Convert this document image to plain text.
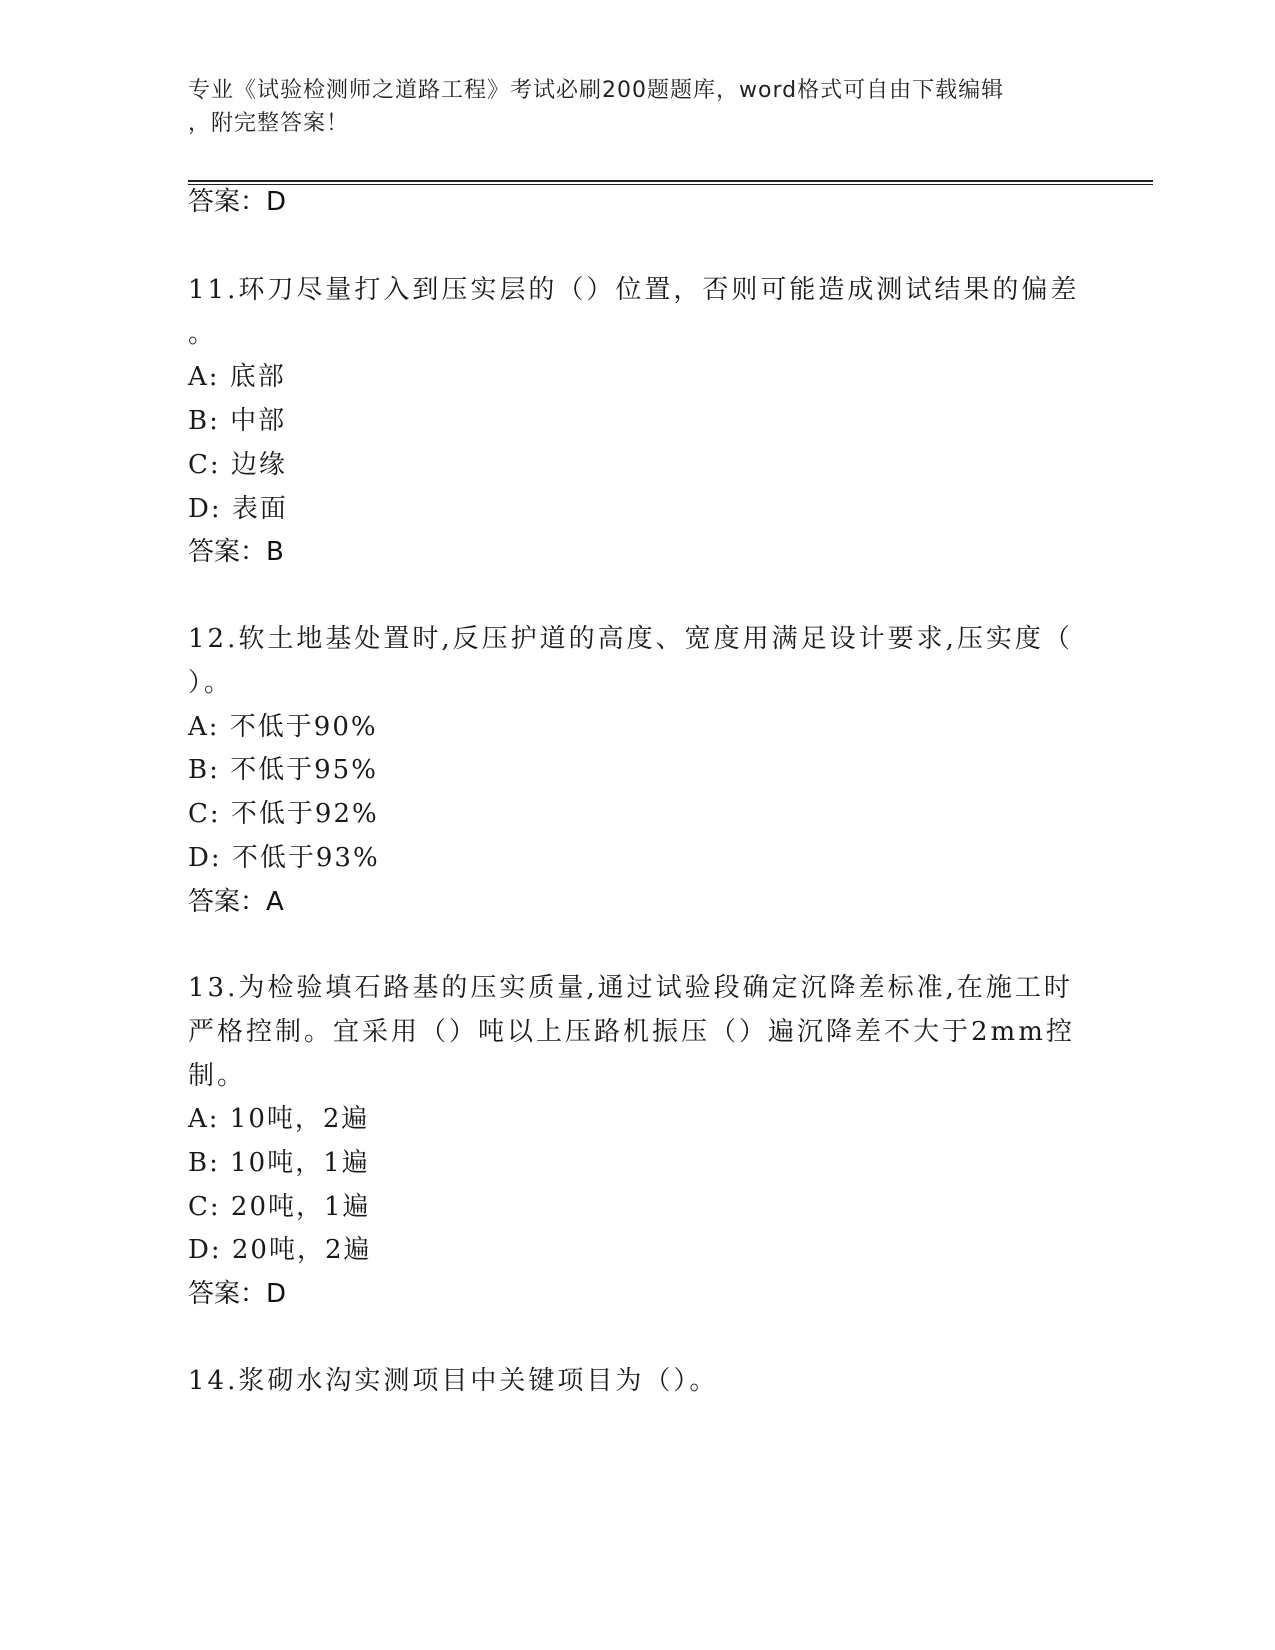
专业《试验检测师之道路工程》考试必刷200题题库，word格式可自由下载编辑
，附完整答案！
答案：D
11.环刀尽量打入到压实层的（）位置，否则可能造成测试结果的偏差
。
A: 底部
B: 中部
C: 边缘
D: 表面
答案：B
12.软土地基处置时,反压护道的高度、宽度用满足设计要求,压实度（
）。
A: 不低于90%
B: 不低于95%
C: 不低于92%
D: 不低于93%
答案：A
13.为检验填石路基的压实质量,通过试验段确定沉降差标准,在施工时
严格控制。宜采用（）吨以上压路机振压（）遍沉降差不大于2mm控
制。
A: 10吨，2遍
B: 10吨，1遍
C: 20吨，1遍
D: 20吨，2遍
答案：D
14.浆砌水沟实测项目中关键项目为（）。
